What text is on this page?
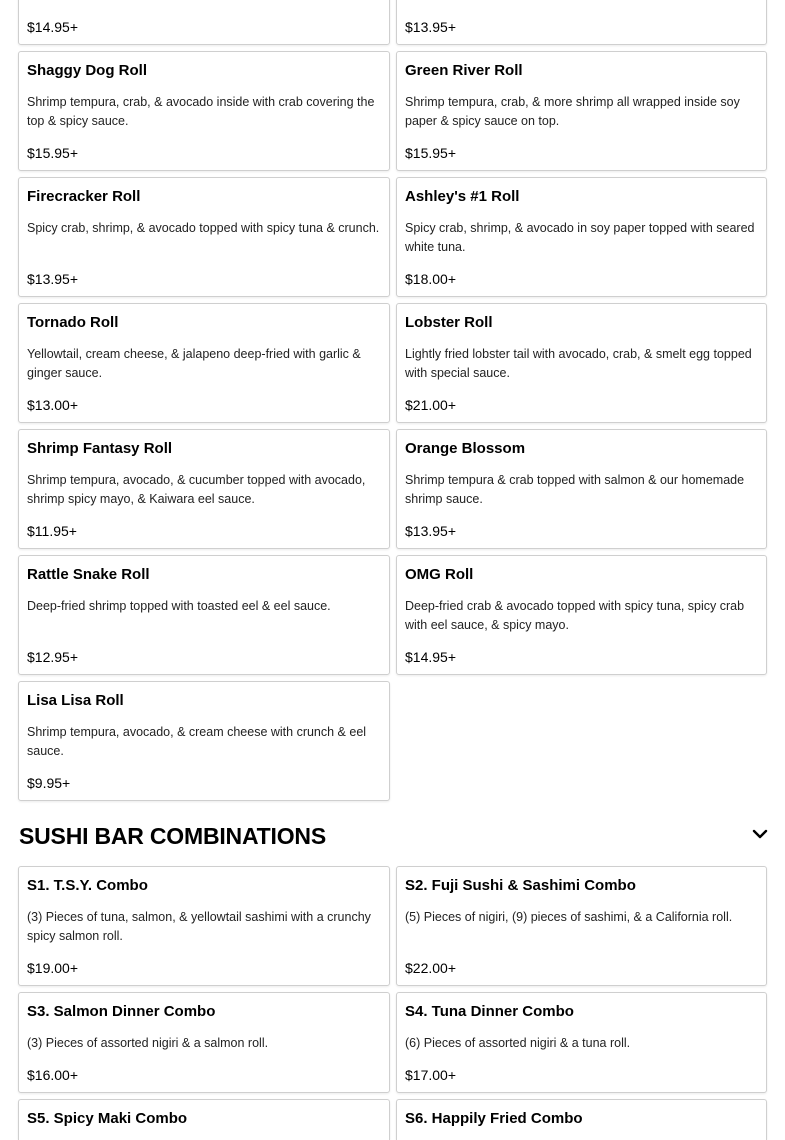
$14.95+	$13.95+
Shaggy Dog Roll
Shrimp tempura, crab, & avocado inside with crab covering the top & spicy sauce.
$15.95+
Green River Roll
Shrimp tempura, crab, & more shrimp all wrapped inside soy paper & spicy sauce on top.
$15.95+
Firecracker Roll
Spicy crab, shrimp, & avocado topped with spicy tuna & crunch.
$13.95+
Ashley's #1 Roll
Spicy crab, shrimp, & avocado in soy paper topped with seared white tuna.
$18.00+
Tornado Roll
Yellowtail, cream cheese, & jalapeno deep-fried with garlic & ginger sauce.
$13.00+
Lobster Roll
Lightly fried lobster tail with avocado, crab, & smelt egg topped with special sauce.
$21.00+
Shrimp Fantasy Roll
Shrimp tempura, avocado, & cucumber topped with avocado, shrimp spicy mayo, & Kaiwara eel sauce.
$11.95+
Orange Blossom
Shrimp tempura & crab topped with salmon & our homemade shrimp sauce.
$13.95+
Rattle Snake Roll
Deep-fried shrimp topped with toasted eel & eel sauce.
$12.95+
OMG Roll
Deep-fried crab & avocado topped with spicy tuna, spicy crab with eel sauce, & spicy mayo.
$14.95+
Lisa Lisa Roll
Shrimp tempura, avocado, & cream cheese with crunch & eel sauce.
$9.95+
SUSHI BAR COMBINATIONS
S1. T.S.Y. Combo
(3) Pieces of tuna, salmon, & yellowtail sashimi with a crunchy spicy salmon roll.
$19.00+
S2. Fuji Sushi & Sashimi Combo
(5) Pieces of nigiri, (9) pieces of sashimi, & a California roll.
$22.00+
S3. Salmon Dinner Combo
(3) Pieces of assorted nigiri & a salmon roll.
$16.00+
S4. Tuna Dinner Combo
(6) Pieces of assorted nigiri & a tuna roll.
$17.00+
S5. Spicy Maki Combo	S6. Happily Fried Combo
